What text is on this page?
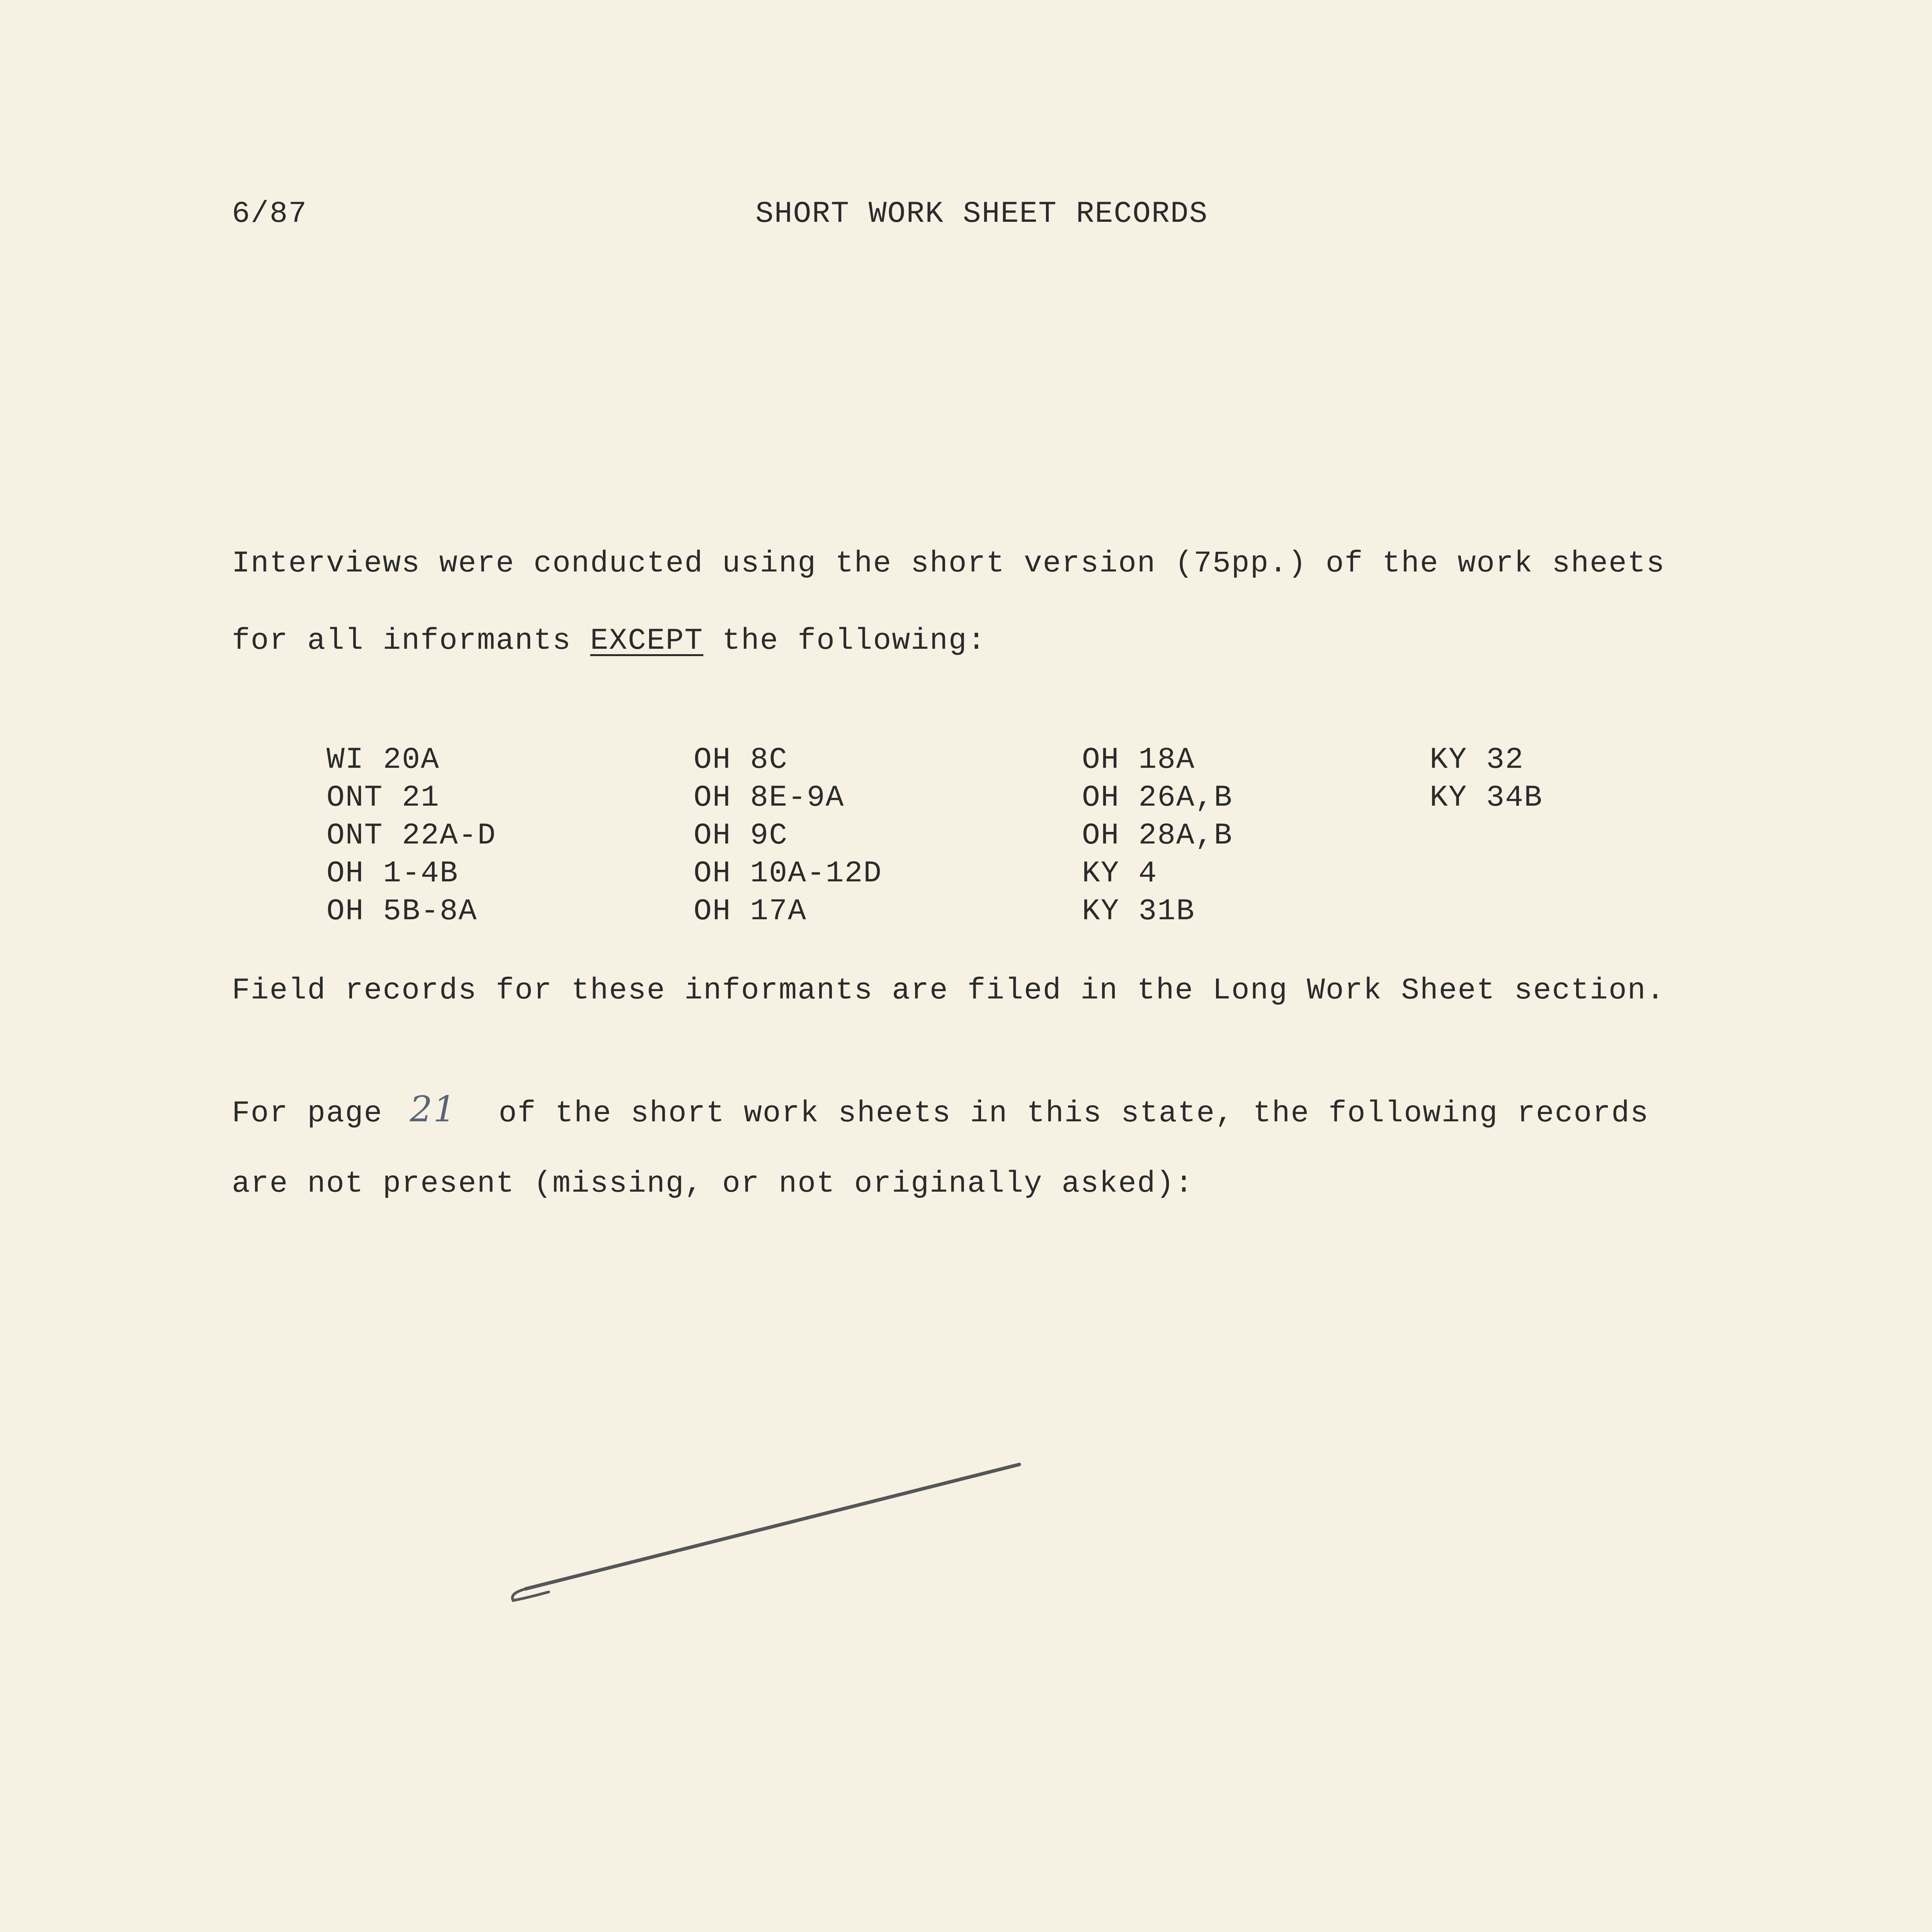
6/87	SHORT WORK SHEET RECORDS
Interviews were conducted using the short version (75pp.) of the work sheets
for all informants EXCEPT the following:
WI 20A
ONT 21
ONT 22A-D
OH 1-4B
OH 5B-8A
OH 8C
OH 8E-9A
OH 9C
OH 10A-12D
OH 17A
OH 18A
OH 26A,B
OH 28A,B
KY 4
KY 31B
KY 32
KY 34B
Field records for these informants are filed in the Long Work Sheet section.
For page 21 of the short work sheets in this state, the following records
are not present (missing, or not originally asked):
